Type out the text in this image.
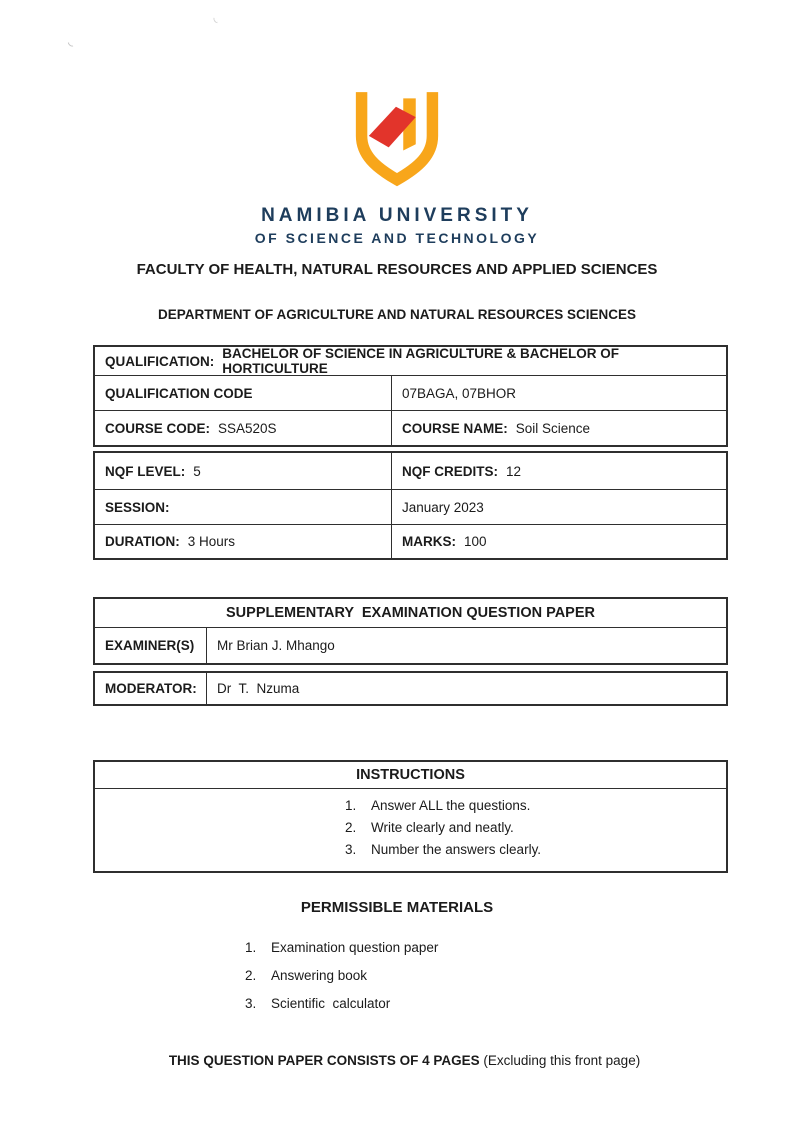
NAMIBIA UNIVERSITY
OF SCIENCE AND TECHNOLOGY
FACULTY OF HEALTH, NATURAL RESOURCES AND APPLIED SCIENCES
DEPARTMENT OF AGRICULTURE AND NATURAL RESOURCES SCIENCES
QUALIFICATION: BACHELOR OF SCIENCE IN AGRICULTURE & BACHELOR OF HORTICULTURE
QUALIFICATION CODE	07BAGA, 07BHOR
COURSE CODE: SSA520S	COURSE NAME: Soil Science
NQF LEVEL: 5	NQF CREDITS: 12
SESSION:	January 2023
DURATION: 3 Hours	MARKS: 100
SUPPLEMENTARY  EXAMINATION QUESTION PAPER
EXAMINER(S) Mr Brian J. Mhango
MODERATOR: Dr  T.  Nzuma
INSTRUCTIONS
1.	Answer ALL the questions.
2.	Write clearly and neatly.
3.	Number the answers clearly.
PERMISSIBLE MATERIALS
1.	Examination question paper
2.	Answering book
3.	Scientific  calculator

THIS QUESTION PAPER CONSISTS OF 4 PAGES (Excluding this front page)
